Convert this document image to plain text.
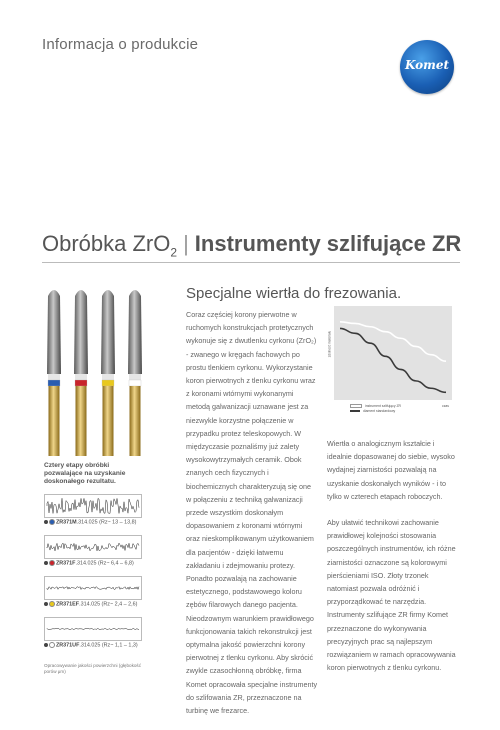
Informacja o produkcie
Komet
Obróbka ZrO$_2$ | Instrumenty szlifujące ZR
Specjalne wiertła do frezowania.

Coraz częściej korony pierwotne w ruchomych konstrukcjach protetycznych wykonuje się z dwutlenku cyrkonu (ZrO₂) - zwanego w kręgach fachowych po prostu tlenkiem cyrkonu. Wykorzystanie koron pierwotnych z tlenku cyrkonu wraz z koronami wtórnymi wykonanymi metodą galwanizacji uznawane jest za niezwykle korzystne połączenie w przypadku protez teleskopowych. W międzyczasie poznaliśmy już zalety wysokowytrzymałych ceramik. Obok znanych cech fizycznych i biochemicznych charakteryzują się one w połączeniu z techniką galwanizacji przede wszystkim doskonałym dopasowaniem z koronami wtórnymi oraz nieskomplikowanym użytkowaniem dla pacjentów - dzięki łatwemu zakładaniu i zdejmowaniu protezy. Ponadto pozwalają na zachowanie estetycznego, podstawowego koloru zębów filarowych danego pacjenta. Nieodzownym warunkiem prawidłowego funkcjonowania takich rekonstrukcji jest optymalna jakość powierzchni korony pierwotnej z tlenku cyrkonu. Aby skrócić zwykle czasochłonną obróbkę, firma Komet opracowała specjalne instrumenty do szlifowania ZR, przeznaczone na turbinę we frezarce.

Wiertła o analogicznym kształcie i idealnie dopasowanej do siebie, wysoko wydajnej ziarnistości pozwalają na uzyskanie doskonałych wyników - i to tylko w czterech etapach roboczych.

Aby ułatwić technikowi zachowanie prawidłowej kolejności stosowania poszczególnych instrumentów, ich różne ziarnistości oznaczone są kolorowymi pierścieniami ISO. Złoty trzonek natomiast pozwala odróżnić i przyporządkować te narzędzia. Instrumenty szlifujące ZR firmy Komet przeznaczone do wykonywania precyzyjnych prac są najlepszym rozwiązaniem w ramach opracowywania koron pierwotnych z tlenku cyrkonu.

zdolność materiału
czas
instrument szlifujący ZR
diament standardowy
Cztery etapy obróbki pozwalające na uzyskanie doskonałego rezultatu.
ZR371M.314.025 (Rz~ 13 – 13,8)
ZR371F.314.025 (Rz~ 6,4 – 6,8)
ZR371EF.314.025 (Rz~ 2,4 – 2,6)
ZR371UF.314.025 (Rz~ 1,1 – 1,3)
Opracowywanie jakości powierzchni (głębokość porów μm)
